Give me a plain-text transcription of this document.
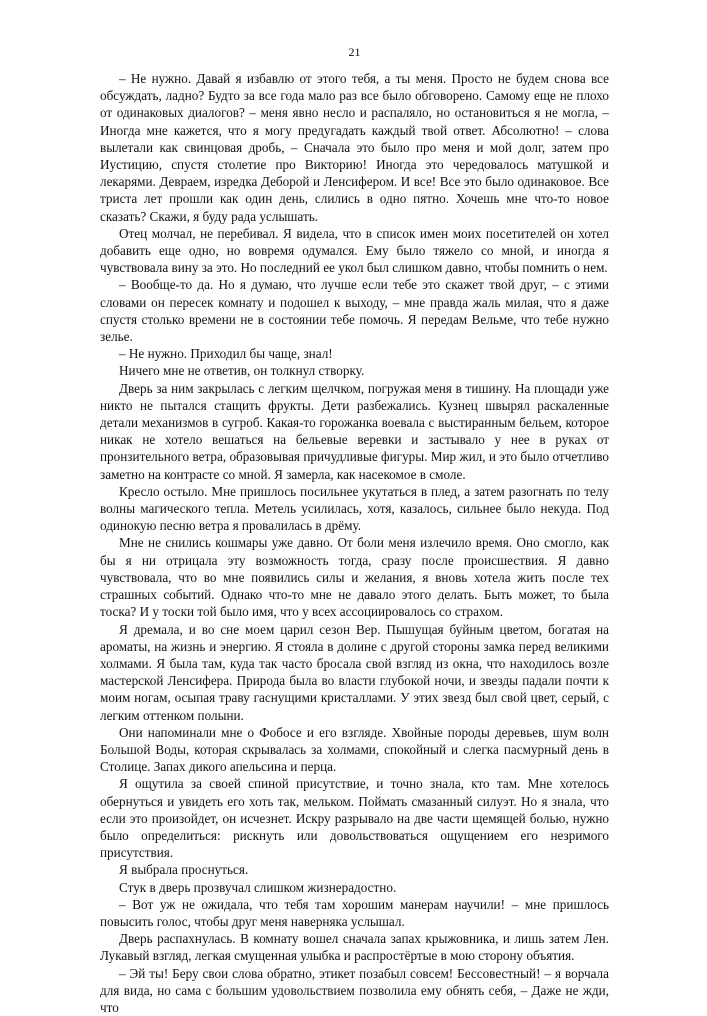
21

– Не нужно. Давай я избавлю от этого тебя, а ты меня. Просто не будем снова все обсуждать, ладно? Будто за все года мало раз все было обговорено. Самому еще не плохо от одинаковых диалогов? – меня явно несло и распаляло, но остановиться я не могла, – Иногда мне кажется, что я могу предугадать каждый твой ответ. Абсолютно! – слова вылетали как свинцовая дробь, – Сначала это было про меня и мой долг, затем про Иустицию, спустя столетие про Викторию! Иногда это чередовалось матушкой и лекарями. Девраем, изредка Деборой и Ленсифером. И все! Все это было одинаковое. Все триста лет прошли как один день, слились в одно пятно. Хочешь мне что-то новое сказать? Скажи, я буду рада услышать.

Отец молчал, не перебивал. Я видела, что в список имен моих посетителей он хотел добавить еще одно, но вовремя одумался. Ему было тяжело со мной, и иногда я чувствовала вину за это. Но последний ее укол был слишком давно, чтобы помнить о нем.

– Вообще-то да. Но я думаю, что лучше если тебе это скажет твой друг, – с этими словами он пересек комнату и подошел к выходу, – мне правда жаль милая, что я даже спустя столько времени не в состоянии тебе помочь. Я передам Вельме, что тебе нужно зелье.

– Не нужно. Приходил бы чаще, знал!

Ничего мне не ответив, он толкнул створку.

Дверь за ним закрылась с легким щелчком, погружая меня в тишину. На площади уже никто не пытался стащить фрукты. Дети разбежались. Кузнец швырял раскаленные детали механизмов в сугроб. Какая-то горожанка воевала с выстиранным бельем, которое никак не хотело вешаться на бельевые веревки и застывало у нее в руках от пронзительного ветра, образовывая причудливые фигуры. Мир жил, и это было отчетливо заметно на контрасте со мной. Я замерла, как насекомое в смоле.

Кресло остыло. Мне пришлось посильнее укутаться в плед, а затем разогнать по телу волны магического тепла. Метель усилилась, хотя, казалось, сильнее было некуда. Под одинокую песню ветра я провалилась в дрёму.

Мне не снились кошмары уже давно. От боли меня излечило время. Оно смогло, как бы я ни отрицала эту возможность тогда, сразу после происшествия. Я давно чувствовала, что во мне появились силы и желания, я вновь хотела жить после тех страшных событий. Однако что-то мне не давало этого делать. Быть может, то была тоска? И у тоски той было имя, что у всех ассоциировалось со страхом.

Я дремала, и во сне моем царил сезон Вер. Пышущая буйным цветом, богатая на ароматы, на жизнь и энергию. Я стояла в долине с другой стороны замка перед великими холмами. Я была там, куда так часто бросала свой взгляд из окна, что находилось возле мастерской Ленсифера. Природа была во власти глубокой ночи, и звезды падали почти к моим ногам, осыпая траву гаснущими кристаллами. У этих звезд был свой цвет, серый, с легким оттенком полыни.

Они напоминали мне о Фобосе и его взгляде. Хвойные породы деревьев, шум волн Большой Воды, которая скрывалась за холмами, спокойный и слегка пасмурный день в Столице. Запах дикого апельсина и перца.

Я ощутила за своей спиной присутствие, и точно знала, кто там. Мне хотелось обернуться и увидеть его хоть так, мельком. Поймать смазанный силуэт. Но я знала, что если это произойдет, он исчезнет. Искру разрывало на две части щемящей болью, нужно было определиться: рискнуть или довольствоваться ощущением его незримого присутствия.

Я выбрала проснуться.

Стук в дверь прозвучал слишком жизнерадостно.

– Вот уж не ожидала, что тебя там хорошим манерам научили! – мне пришлось повысить голос, чтобы друг меня наверняка услышал.

Дверь распахнулась. В комнату вошел сначала запах крыжовника, и лишь затем Лен. Лукавый взгляд, легкая смущенная улыбка и распростёртые в мою сторону объятия.

– Эй ты! Беру свои слова обратно, этикет позабыл совсем! Бессовестный! – я ворчала для вида, но сама с большим удовольствием позволила ему обнять себя, – Даже не жди, что
